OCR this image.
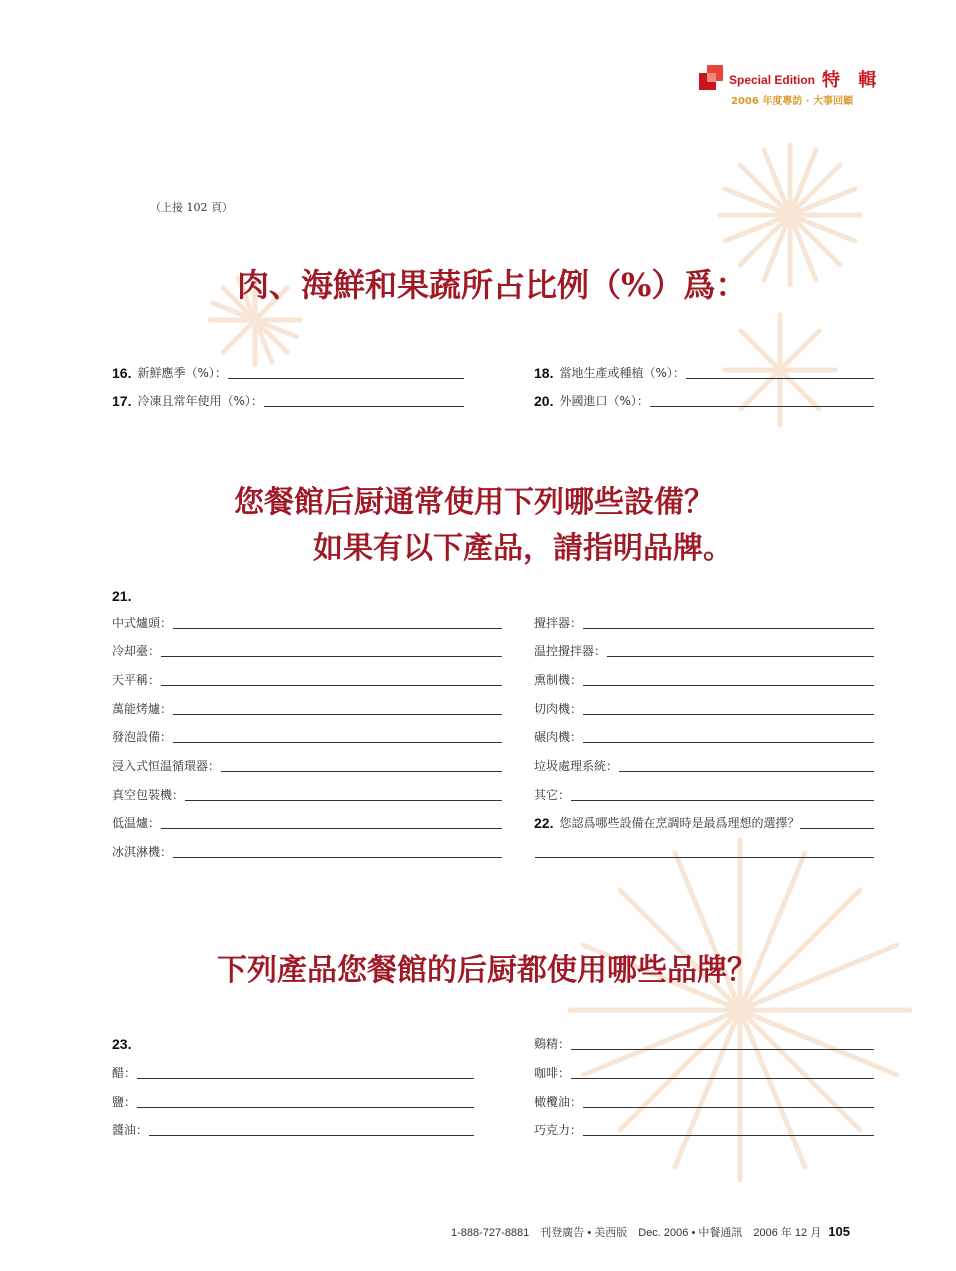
Special Edition 特 輯
2006 年度專訪 · 大事回顧
（上接 102 頁）
肉、海鮮和果蔬所占比例（%）爲：
16. 新鮮應季（%）：
17. 冷凍且常年使用（%）：
18. 當地生產或種植（%）：
20. 外國進口（%）：
您餐館后厨通常使用下列哪些設備？
如果有以下產品，請指明品牌。
21.
中式爐頭：
冷却臺：
天平稱：
萬能烤爐：
發泡設備：
浸入式恒温循環器：
真空包裝機：
低温爐：
冰淇淋機：
攪拌器：
温控攪拌器：
熏制機：
切肉機：
碾肉機：
垃圾處理系統：
其它：
22. 您認爲哪些設備在烹調時是最爲理想的選擇？
下列產品您餐館的后厨都使用哪些品牌？
23.
醋：
鹽：
醬油：
鷄精：
咖啡：
橄欖油：
巧克力：
1-888-727-8881　刊登廣告 • 美西版　Dec. 2006 • 中餐通訊　2006 年 12 月 105
